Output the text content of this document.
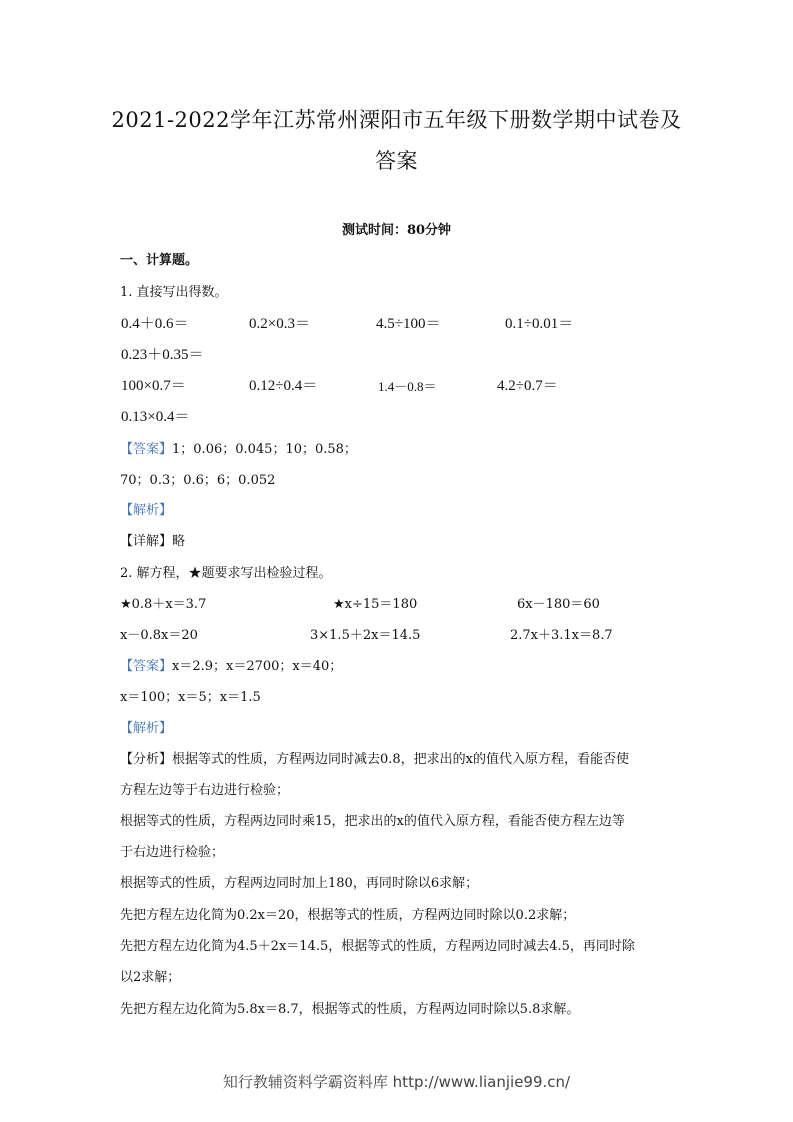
2021-2022学年江苏常州溧阳市五年级下册数学期中试卷及
答案
测试时间：80分钟
一、计算题。
1. 直接写出得数。
0.4＋0.6＝	0.2×0.3＝	4.5÷100＝	0.1÷0.01＝
0.23＋0.35＝
100×0.7＝	0.12÷0.4＝	1.4－0.8＝	4.2÷0.7＝
0.13×0.4＝
【答案】1；0.06；0.045；10；0.58；
70；0.3；0.6；6；0.052
【解析】
【详解】略
2. 解方程，★题要求写出检验过程。
★0.8＋x＝3.7	★x÷15＝180	6x－180＝60
x－0.8x＝20	3×1.5＋2x＝14.5	2.7x＋3.1x＝8.7
【答案】x＝2.9；x＝2700；x＝40；
x＝100；x＝5；x＝1.5
【解析】
【分析】根据等式的性质，方程两边同时减去0.8，把求出的x的值代入原方程，看能否使
方程左边等于右边进行检验；
根据等式的性质，方程两边同时乘15，把求出的x的值代入原方程，看能否使方程左边等
于右边进行检验；
根据等式的性质，方程两边同时加上180，再同时除以6求解；
先把方程左边化简为0.2x＝20，根据等式的性质，方程两边同时除以0.2求解；
先把方程左边化简为4.5＋2x＝14.5，根据等式的性质，方程两边同时减去4.5，再同时除
以2求解；
先把方程左边化简为5.8x＝8.7，根据等式的性质，方程两边同时除以5.8求解。
知行教辅资料学霸资料库 http://www.lianjie99.cn/
